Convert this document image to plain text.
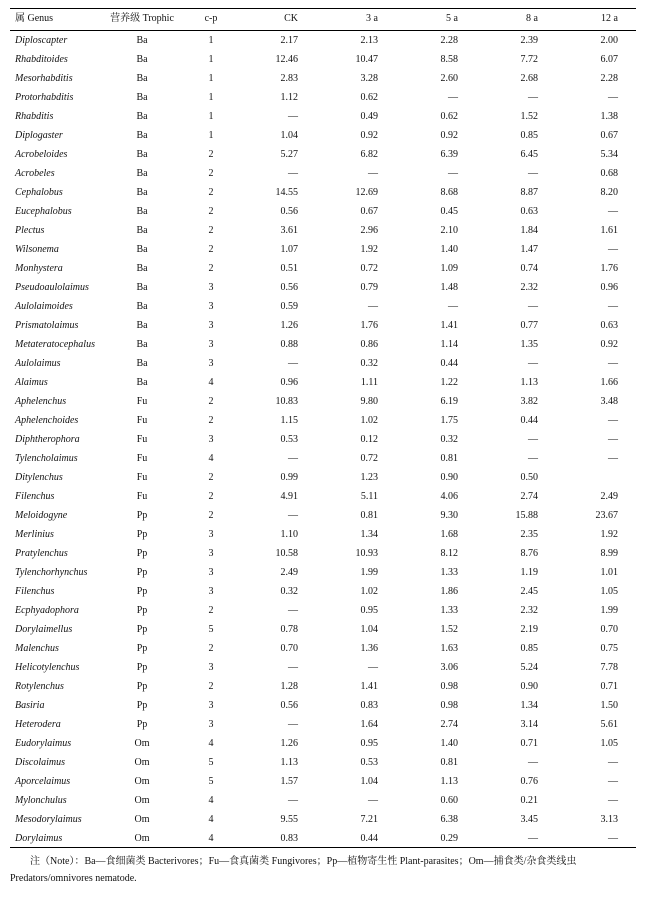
属 Genus	营养级 Trophic	c-p	CK	3 a	5 a	8 a	12 a
Diploscapter	Ba	1	2.17	2.13	2.28	2.39	2.00
Rhabditoides	Ba	1	12.46	10.47	8.58	7.72	6.07
Mesorhabditis	Ba	1	2.83	3.28	2.60	2.68	2.28
Protorhabditis	Ba	1	1.12	0.62	—	—	—
Rhabditis	Ba	1	—	0.49	0.62	1.52	1.38
Diplogaster	Ba	1	1.04	0.92	0.92	0.85	0.67
Acrobeloides	Ba	2	5.27	6.82	6.39	6.45	5.34
Acrobeles	Ba	2	—	—	—	—	0.68
Cephalobus	Ba	2	14.55	12.69	8.68	8.87	8.20
Eucephalobus	Ba	2	0.56	0.67	0.45	0.63	—
Plectus	Ba	2	3.61	2.96	2.10	1.84	1.61
Wilsonema	Ba	2	1.07	1.92	1.40	1.47	—
Monhystera	Ba	2	0.51	0.72	1.09	0.74	1.76
Pseudoaulolaimus	Ba	3	0.56	0.79	1.48	2.32	0.96
Aulolaimoides	Ba	3	0.59	—	—	—	—
Prismatolaimus	Ba	3	1.26	1.76	1.41	0.77	0.63
Metateratocephalus	Ba	3	0.88	0.86	1.14	1.35	0.92
Aulolaimus	Ba	3	—	0.32	0.44	—	—
Alaimus	Ba	4	0.96	1.11	1.22	1.13	1.66
Aphelenchus	Fu	2	10.83	9.80	6.19	3.82	3.48
Aphelenchoides	Fu	2	1.15	1.02	1.75	0.44	—
Diphtherophora	Fu	3	0.53	0.12	0.32	—	—
Tylencholaimus	Fu	4	—	0.72	0.81	—	—
Ditylenchus	Fu	2	0.99	1.23	0.90	0.50
Filenchus	Fu	2	4.91	5.11	4.06	2.74	2.49
Meloidogyne	Pp	2	—	0.81	9.30	15.88	23.67
Merlinius	Pp	3	1.10	1.34	1.68	2.35	1.92
Pratylenchus	Pp	3	10.58	10.93	8.12	8.76	8.99
Tylenchorhynchus	Pp	3	2.49	1.99	1.33	1.19	1.01
Filenchus	Pp	3	0.32	1.02	1.86	2.45	1.05
Ecphyadophora	Pp	2	—	0.95	1.33	2.32	1.99
Dorylaimellus	Pp	5	0.78	1.04	1.52	2.19	0.70
Malenchus	Pp	2	0.70	1.36	1.63	0.85	0.75
Helicotylenchus	Pp	3	—	—	3.06	5.24	7.78
Rotylenchus	Pp	2	1.28	1.41	0.98	0.90	0.71
Basiria	Pp	3	0.56	0.83	0.98	1.34	1.50
Heterodera	Pp	3	—	1.64	2.74	3.14	5.61
Eudorylaimus	Om	4	1.26	0.95	1.40	0.71	1.05
Discolaimus	Om	5	1.13	0.53	0.81	—	—
Aporcelaimus	Om	5	1.57	1.04	1.13	0.76	—
Mylonchulus	Om	4	—	—	0.60	0.21	—
Mesodorylaimus	Om	4	9.55	7.21	6.38	3.45	3.13
Dorylaimus	Om	4	0.83	0.44	0.29	—	—

注（Note）：Ba—食细菌类 Bacterivores；Fu—食真菌类 Fungivores；Pp—植物寄生性 Plant-parasites；Om—捕食类/杂食类线虫

Predators/omnivores nematode.
